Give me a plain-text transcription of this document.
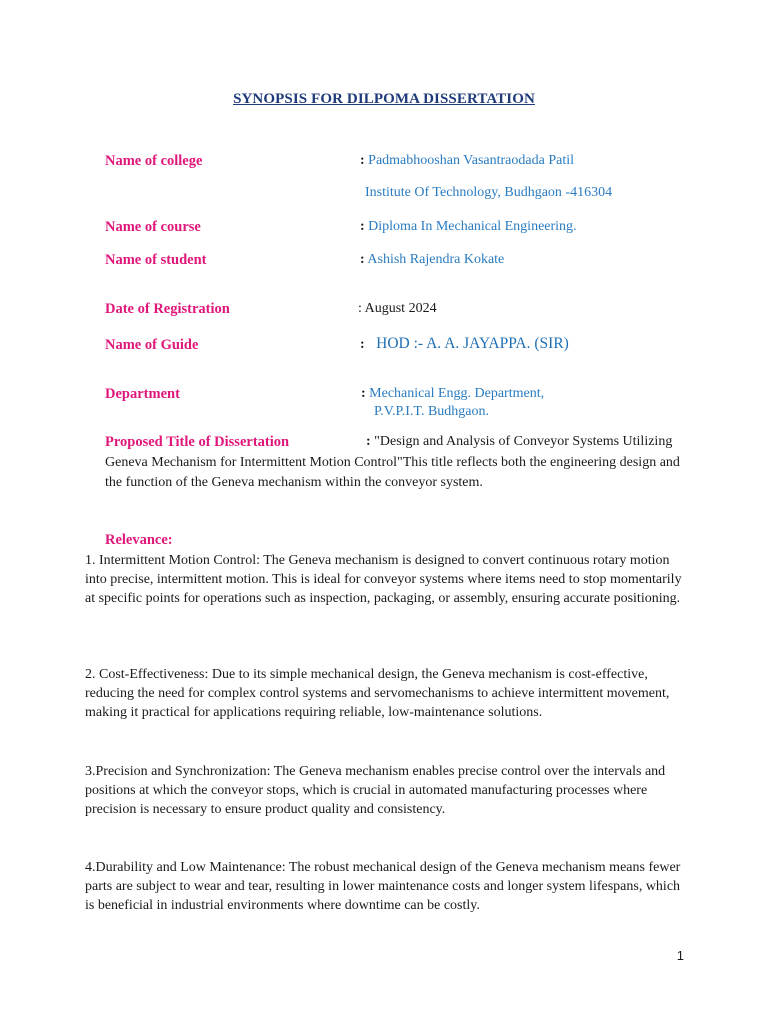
SYNOPSIS FOR DILPOMA DISSERTATION
Name of college	: Padmabhooshan Vasantraodada Patil
Institute Of Technology, Budhgaon -416304
Name of course	: Diploma In Mechanical Engineering.
Name of student	: Ashish Rajendra Kokate
Date of Registration	: August 2024
Name of Guide	: HOD :- A. A. JAYAPPA. (SIR)
Department	: Mechanical Engg. Department,
P.V.P.I.T. Budhgaon.
Proposed Title of Dissertation	: "Design and Analysis of Conveyor Systems Utilizing
Geneva Mechanism for Intermittent Motion Control"This title reflects both the engineering design and the function of the Geneva mechanism within the conveyor system.
Relevance:
1. Intermittent Motion Control: The Geneva mechanism is designed to convert continuous rotary motion into precise, intermittent motion. This is ideal for conveyor systems where items need to stop momentarily at specific points for operations such as inspection, packaging, or assembly, ensuring accurate positioning.
2. Cost-Effectiveness: Due to its simple mechanical design, the Geneva mechanism is cost-effective, reducing the need for complex control systems and servomechanisms to achieve intermittent movement, making it practical for applications requiring reliable, low-maintenance solutions.
3.Precision and Synchronization: The Geneva mechanism enables precise control over the intervals and positions at which the conveyor stops, which is crucial in automated manufacturing processes where precision is necessary to ensure product quality and consistency.
4.Durability and Low Maintenance: The robust mechanical design of the Geneva mechanism means fewer parts are subject to wear and tear, resulting in lower maintenance costs and longer system lifespans, which is beneficial in industrial environments where downtime can be costly.
1
